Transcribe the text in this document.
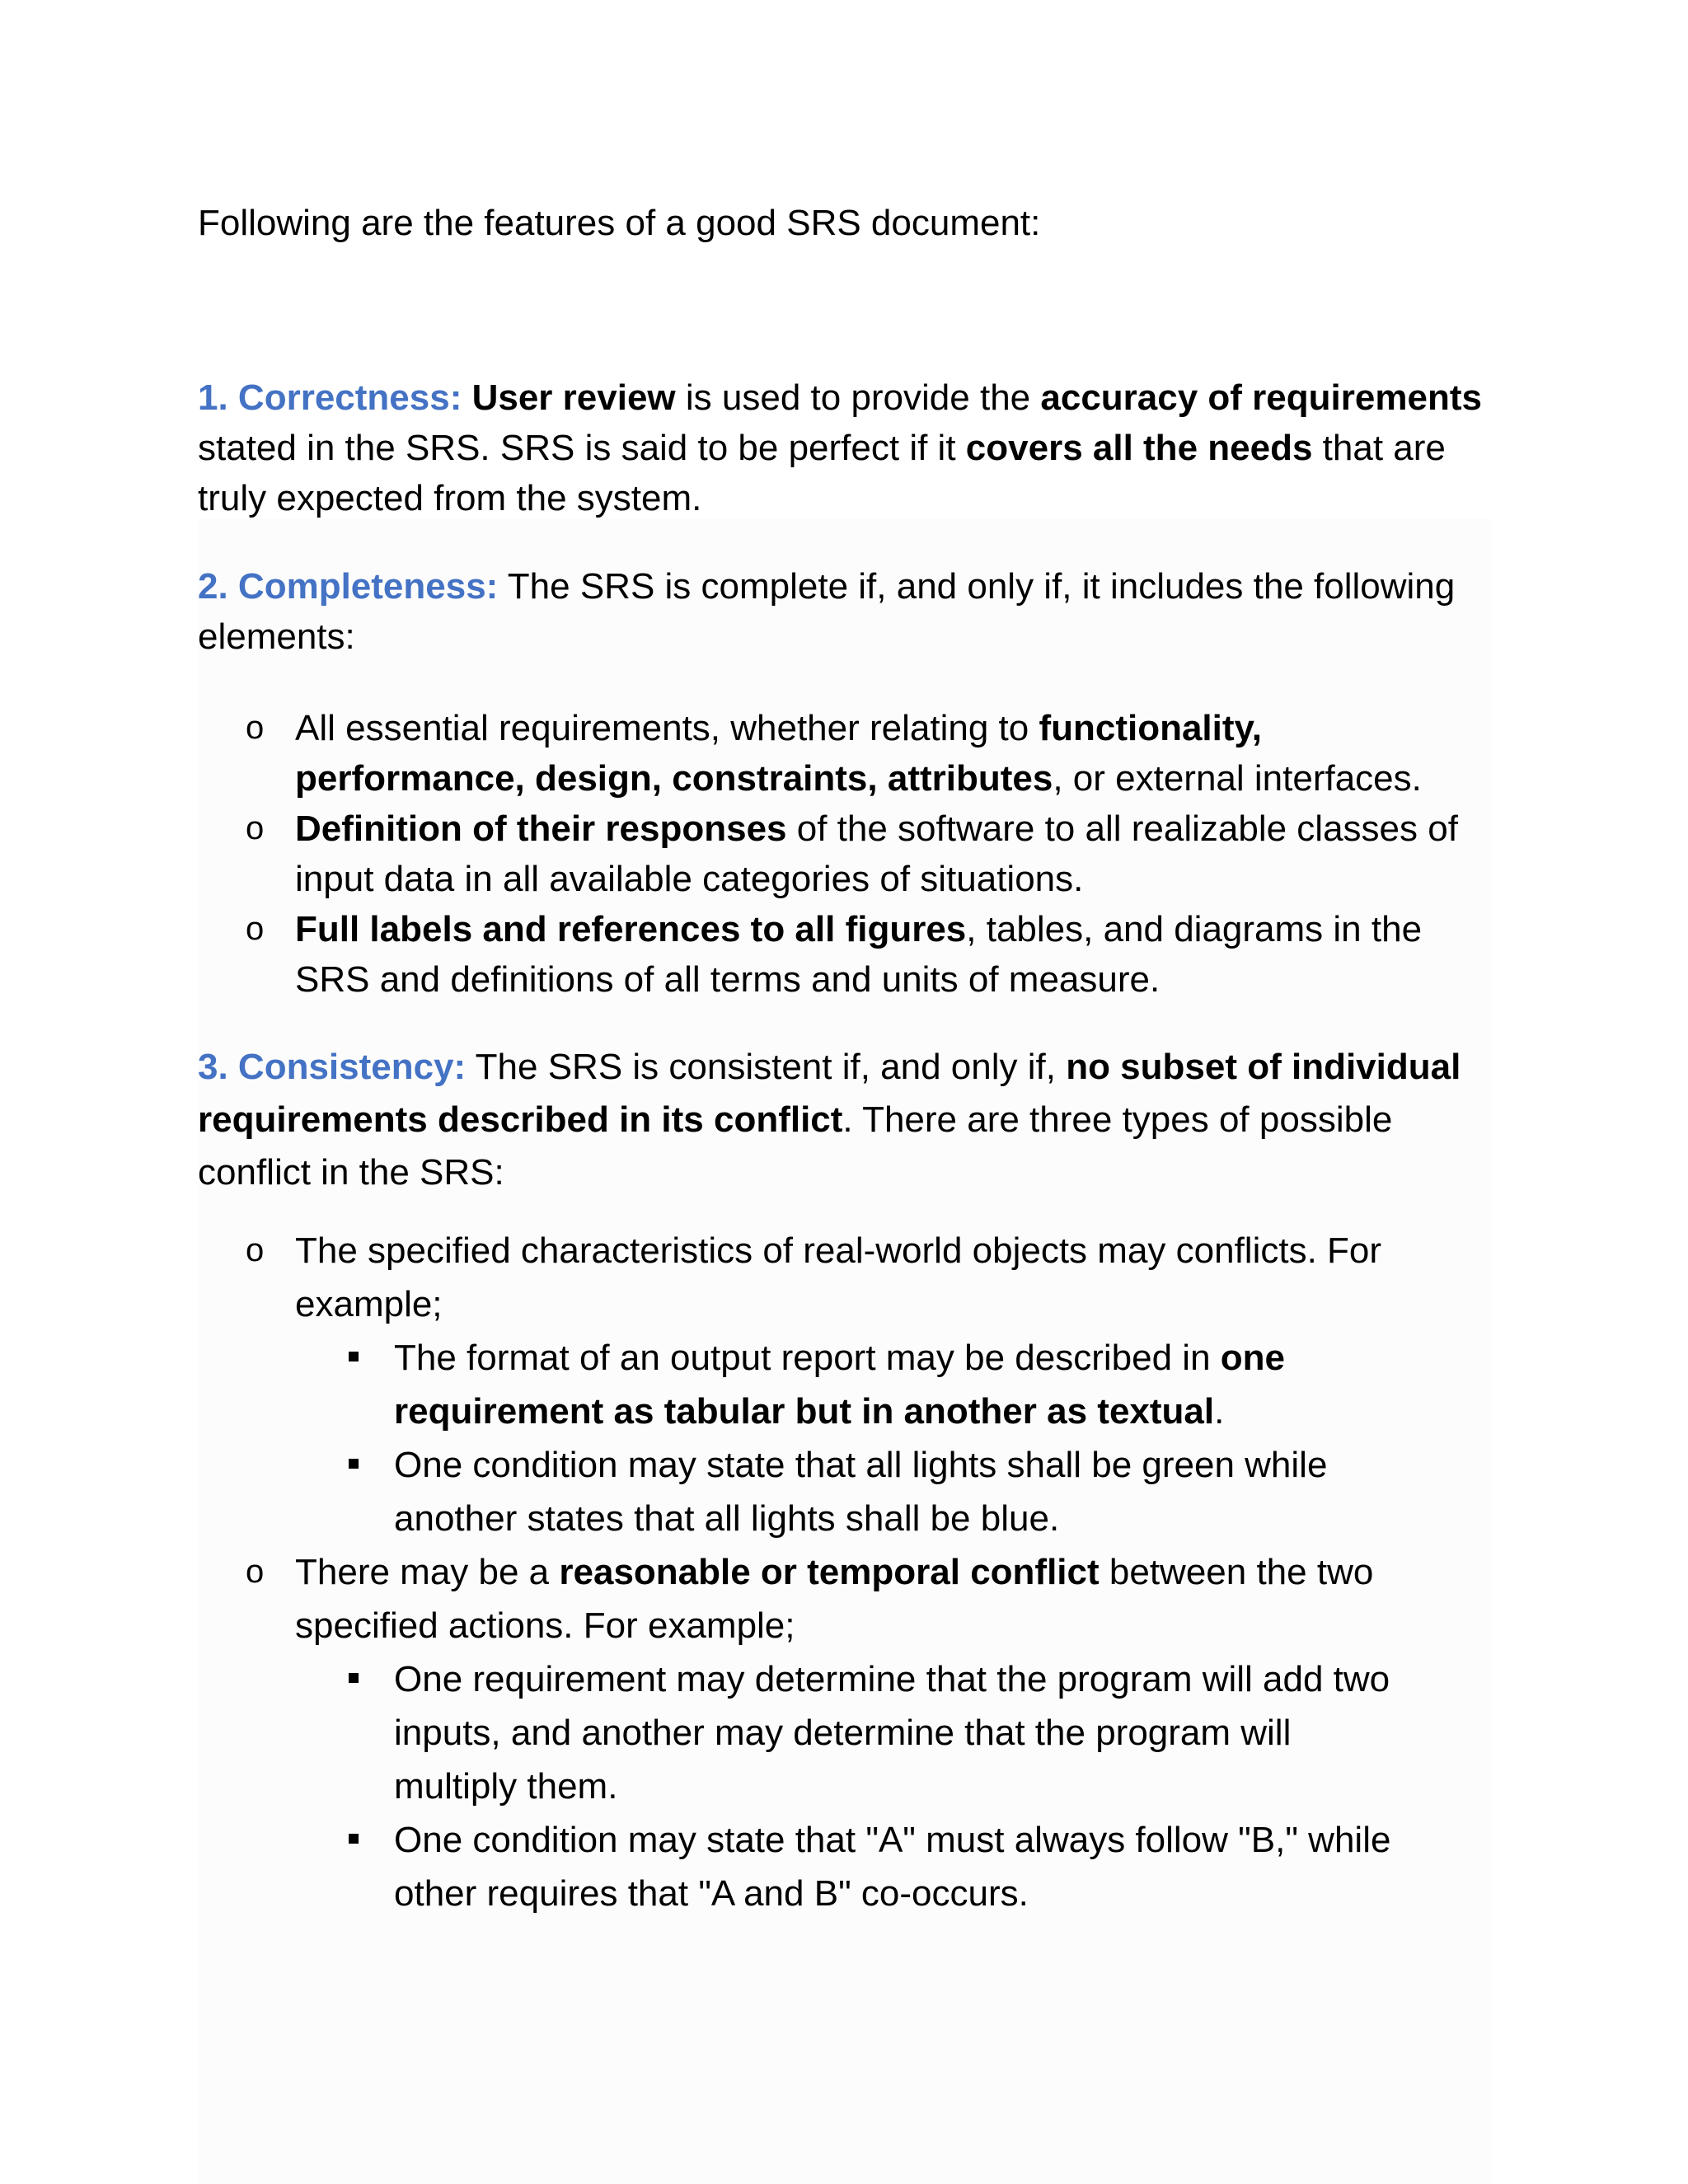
Following are the features of a good SRS document:

1. Correctness: User review is used to provide the accuracy of requirements

stated in the SRS. SRS is said to be perfect if it covers all the needs that are

truly expected from the system.

2. Completeness: The SRS is complete if, and only if, it includes the following

elements:

o All essential requirements, whether relating to functionality,
performance, design, constraints, attributes, or external interfaces.
o Definition of their responses of the software to all realizable classes of
input data in all available categories of situations.
o Full labels and references to all figures, tables, and diagrams in the
SRS and definitions of all terms and units of measure.

3. Consistency: The SRS is consistent if, and only if, no subset of individual

requirements described in its conflict. There are three types of possible

conflict in the SRS:

o The specified characteristics of real-world objects may conflicts. For
example;
The format of an output report may be described in one
requirement as tabular but in another as textual.
One condition may state that all lights shall be green while
another states that all lights shall be blue.
o There may be a reasonable or temporal conflict between the two
specified actions. For example;
One requirement may determine that the program will add two
inputs, and another may determine that the program will
multiply them.
One condition may state that "A" must always follow "B," while
other requires that "A and B" co-occurs.
